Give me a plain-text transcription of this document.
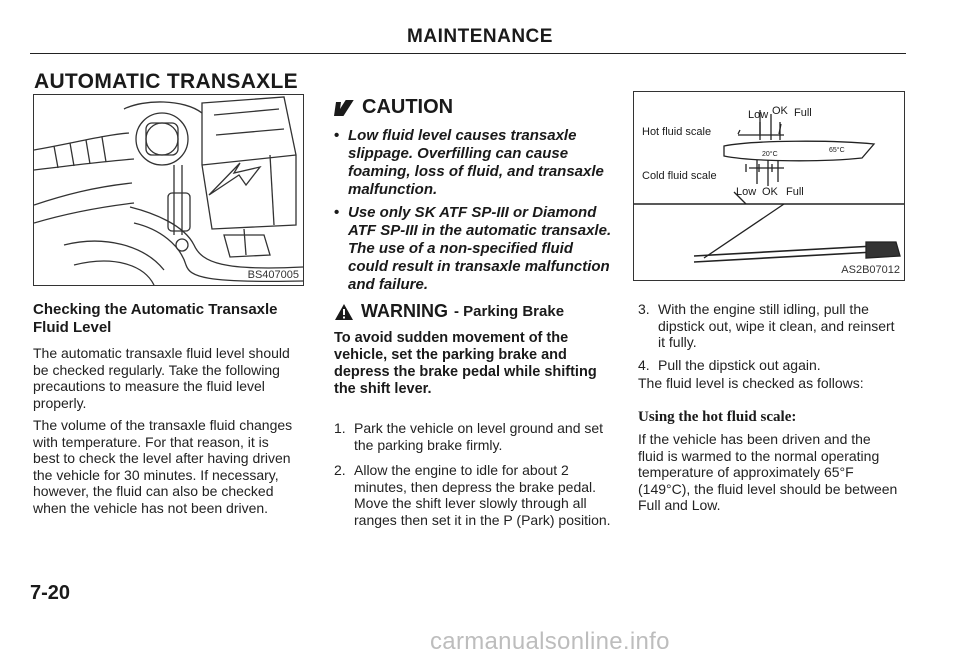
MAINTENANCE
AUTOMATIC TRANSAXLE
BS407005
Checking the Automatic Transaxle
Fluid Level
The automatic transaxle fluid level should be checked regularly. Take the following precautions to measure the fluid level properly.
The volume of the transaxle fluid changes with temperature. For that reason, it is best to check the level after having driven the vehicle for 30 minutes. If necessary, however, the fluid can also be checked when the vehicle has not been driven.
7-20
CAUTION
• Low fluid level causes transaxle slippage. Overfilling can cause foaming, loss of fluid, and transaxle malfunction.
• Use only SK ATF SP-III or Diamond ATF SP-III in the automatic transaxle. The use of a non-specified fluid could result in transaxle malfunction and failure.
WARNING - Parking Brake
To avoid sudden movement of the vehicle, set the parking brake and depress the brake pedal while shifting the shift lever.
1. Park the vehicle on level ground and set the parking brake firmly.
2. Allow the engine to idle for about 2 minutes, then depress the brake pedal. Move the shift lever slowly through all ranges then set it in the P (Park) position.
Low OK Full
Hot fluid scale
20°C
65°C
Cold fluid scale
Low OK Full
AS2B07012
3. With the engine still idling, pull the dipstick out, wipe it clean, and reinsert it fully.
4. Pull the dipstick out again.
The fluid level is checked as follows:
Using the hot fluid scale:
If the vehicle has been driven and the fluid is warmed to the normal operating temperature of approximately 65°F (149°C), the fluid level should be between Full and Low.
carmanualsonline.info
